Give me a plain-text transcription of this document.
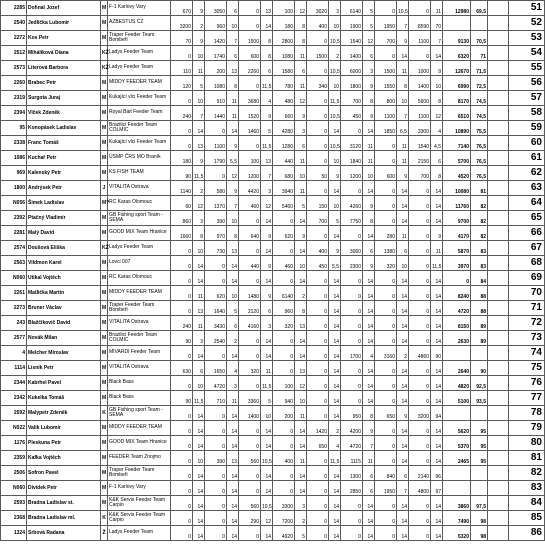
2285	Dohnal Jozef	M	F-1 Karlovy Vary	670	9	3050	6	0	13	100	12	3020	3	6140	5	0	10,5	0	11	12980	69,5		51
2540	Jedlička Lubomír	M	AZBESTUS CZ	3200	2	960	10	0	14	180	8	400	10	1900	5	1950	7	8590	70				52
2272	Kos Petr	M	Traper Feeder Team Bombeři	70	9	1420	7	1500	8	2800	8	0	10,5	1540	12	700	9	1100	7	9130	70,5		53
2512	Miháliková Diana	KŽ	Ladys Feeder Team	0	10	1740	6	600	8	1080	11	1500	2	1400	6	0	14	0	14	6320	71		54
2573	Literová Barbora	KŽ	Ladys Feeder Team	110	11	200	13	2260	6	1580	6	0	10,5	6000	3	1500	11	1000	9	12670	71,5		55
2260	Brabec Petr	M	MIDDY FEEDER TEAM	120	5	1080	8	0	11,5	780	11	340	10	1800	9	1550	8	1400	10	6990	72,5		56
2319	Surgota Juraj	M	Kukající vlci Feeder Team	0	10	910	11	3680	4	480	12	0	11,5	700	8	800	10	5600	8	8170	74,5		57
2394	Vlček Zdeněk	M	Royal Bait Feeder Team	240	7	1440	11	1520	9	660	9	0	10,5	450	9	1100	7	1100	12	6510	74,5		58
95	Konopásek Ladislav	M	Brazilici Feeder Team COLMIC	0	14	0	14	1460	5	4280	3	0	14	0	14	1850	6,5	3300	4	10890	75,5		59
2338	Franc Tomáš	M	Kukající vlci Feeder Team	0	13	1100	9	0	11,5	1280	6	0	10,5	3120	11	0	11	1540	4,5	7140	76,5		60
1086	Kuchař Petr	M	ÚSMP ČRS MO Braník	180	9	1790	5,5	100	13	440	11	0	10	1840	11	0	11	2150	6	5700	76,5		61
969	Kalenský Petr	M	KS FISH TEAM	90	11,5	0	12	1200	7	680	10	50	9	1200	10	600	9	700	8	4520	76,5		62
1800	Andrýsek Petr	J	VITALITA Ostrava	1140	2	580	9	4420	3	3940	11	0	14	0	14	0	14	0	14	10080	81		63
N056	Šimek Ladislav	M?	RC Karas Olomouc	60	12	1370	7	460	12	5460	5	150	10	4260	9	0	14	0	14	11760	82		64
2392	Ptačný Vladimír	M	GB Fishing sport Team - SEMA	860	3	390	10	0	14	0	14	700	5	7750	8	0	14	0	14	9700	82		65
2281	Malý David	M	GOOD MIX Team Hranice	1660	8	970	8	640	9	620	9	0	14	0	14	280	11	0	9	4170	82		66
2574	Doušová Eliška	KŽ	Ladys Feeder Team	0	10	730	13	0	14	0	14	400	9	3060	6	1380	6	0	11	5870	83		67
2563	Vildmon Karel	M	Lovci 007	0	14	0	14	440	9	460	10	450	5,5	2300	9	320	10	0	11,5	3970	83		68
N060	Utikal Vojtěch	M	RC Karas Olomouc	0	14	0	14	0	14	0	14	0	14	0	14	0	14	0	14	0	84		69
2261	Matlička Martin	M	MIDDY FEEDER TEAM	0	11	620	10	1480	9	6140	2	0	14	0	14	0	14	0	14	8240	88		70
2273	Bruner Václav	M	Traper Feeder Team Bombeři	0	13	1640	5	2120	6	960	8	0	14	0	14	0	14	0	14	4720	88		71
243	Blažčikovič David	M	VITALITA Ostrava	240	11	3430	6	4160	3	320	13	0	14	0	14	0	14	0	14	8150	89		72
2577	Novák Milan	M	Brazilici Feeder Team COLMIC	90	3	2540	2	0	14	0	14	0	14	0	14	0	14	0	14	2630	89		73
4	Melcher Miroslav	M	MIVARDI Feeder Team	0	14	0	14	0	14	0	14	0	14	1700	4	3160	2	4860	90				74
1114	Lisník Petr	M	VITALITA Ostrava	630	6	1650	4	320	11	0	13	0	14	0	14	0	14	0	14	2640	90		75
2344	Kabrhel Pavel	M	Black Bass	0	10	4720	3	0	11,5	100	12	0	14	0	14	0	14	0	14	4820	92,5		76
2342	Kukelka Tomáš	M	Black Bass	90	11,5	710	11	3360	5	940	10	0	14	0	14	0	14	0	14	5100	93,5		77
2592	Malypetr Zdeněk	K	GB Fishing sport Team - SEMA	0	14	0	14	1400	10	200	11	0	14	950	8	650	9	3200	94				78
N022	Valík Lubomír	M	MIDDY FEEDER TEAM	0	14	0	14	0	14	0	14	1420	2	4200	9	0	14	0	14	5620	95		79
1176	Pleskuna Petr	M	GOOD MIX Team Hranice	0	14	0	14	0	14	0	14	650	4	4720	7	0	14	0	14	5370	95		80
2359	Kafka Vojtěch	M	FEEDER Team Znojmo	0	10	390	13	560	10,5	400	11	0	11,5	1115	11	0	14	0	14	2465	95		81
2506	Sofron Pavel	M	Traper Feeder Team Bombeři	0	14	0	14	0	14	0	14	0	14	1300	6	840	6	2140	96				82
N060	Dividek Petr	M	F-1 Karlovy Vary	0	14	0	14	0	14	0	14	0	14	2850	6	1950	7	4800	97				83
2593	Bradna Ladislav st.	M	K&K Servis Feeder Team Carpio	0	14	0	14	560	10,5	3300	3	0	14	0	14	0	14	0	14	3860	97,5		84
2368	Bradna Ladislav ml.	K	K&K Servis Feeder Team Carpio	0	14	0	14	290	12	7200	2	0	14	0	14	0	14	0	14	7490	98		85
1324	Srbová Radana	Ž	Ladys Feeder Team	0	14	0	14	0	14	4920	5	0	14	0	14	0	14	0	14	5320	98		86
